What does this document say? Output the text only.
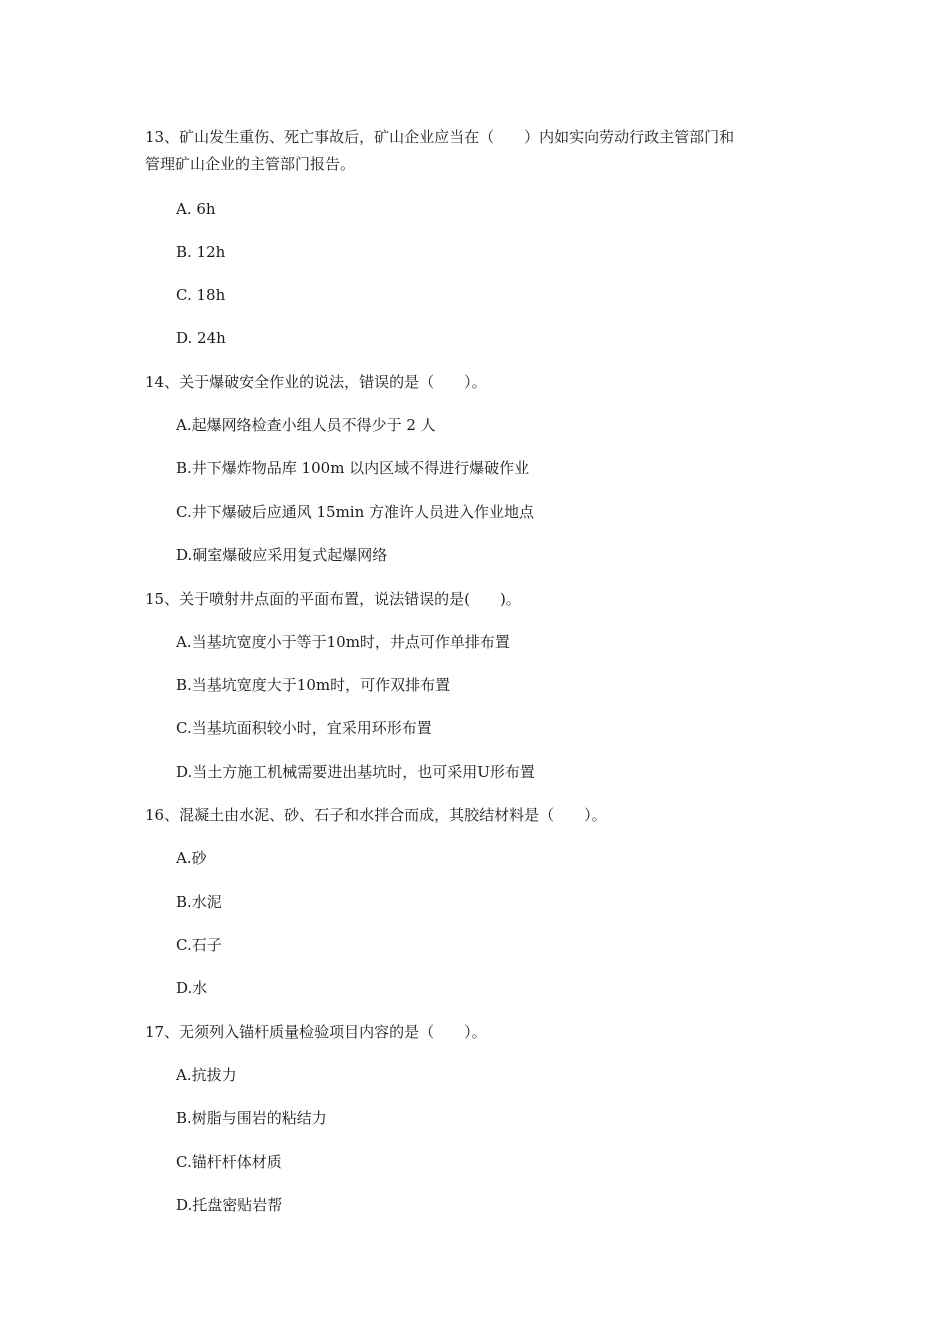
13、矿山发生重伤、死亡事故后，矿山企业应当在（　　）内如实向劳动行政主管部门和
管理矿山企业的主管部门报告。
A. 6h
B. 12h
C. 18h
D. 24h
14、关于爆破安全作业的说法，错误的是（　　）。
A.起爆网络检查小组人员不得少于 2 人
B.井下爆炸物品库 100m 以内区域不得进行爆破作业
C.井下爆破后应通风 15min 方准许人员进入作业地点
D.硐室爆破应采用复式起爆网络
15、关于喷射井点面的平面布置，说法错误的是(　　)。
A.当基坑宽度小于等于10m时，井点可作单排布置
B.当基坑宽度大于10m时，可作双排布置
C.当基坑面积较小时，宜采用环形布置
D.当土方施工机械需要进出基坑时，也可采用U形布置
16、混凝土由水泥、砂、石子和水拌合而成，其胶结材料是（　　）。
A.砂
B.水泥
C.石子
D.水
17、无须列入锚杆质量检验项目内容的是（　　）。
A.抗拔力
B.树脂与围岩的粘结力
C.锚杆杆体材质
D.托盘密贴岩帮
